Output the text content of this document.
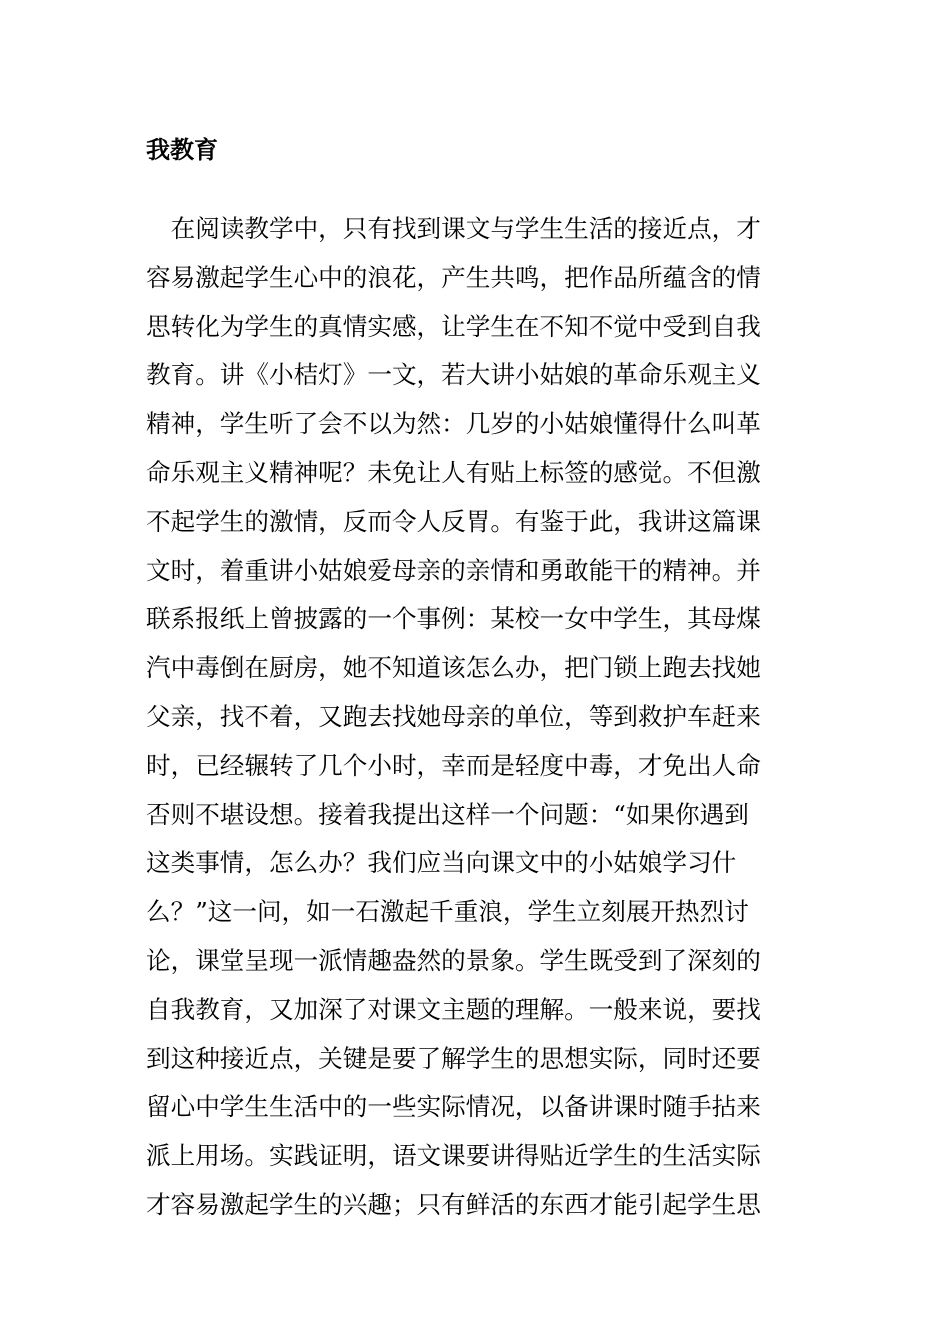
我教育
　在阅读教学中，只有找到课文与学生生活的接近点，才
容易激起学生心中的浪花，产生共鸣，把作品所蕴含的情
思转化为学生的真情实感，让学生在不知不觉中受到自我
教育。讲《小桔灯》一文，若大讲小姑娘的革命乐观主义
精神，学生听了会不以为然：几岁的小姑娘懂得什么叫革
命乐观主义精神呢？未免让人有贴上标签的感觉。不但激
不起学生的激情，反而令人反胃。有鉴于此，我讲这篇课
文时，着重讲小姑娘爱母亲的亲情和勇敢能干的精神。并
联系报纸上曾披露的一个事例：某校一女中学生，其母煤
汽中毒倒在厨房，她不知道该怎么办，把门锁上跑去找她
父亲，找不着，又跑去找她母亲的单位，等到救护车赶来
时，已经辗转了几个小时，幸而是轻度中毒，才免出人命
否则不堪设想。接着我提出这样一个问题：“如果你遇到
这类事情，怎么办？我们应当向课文中的小姑娘学习什
么？”这一问，如一石激起千重浪，学生立刻展开热烈讨
论，课堂呈现一派情趣盎然的景象。学生既受到了深刻的
自我教育，又加深了对课文主题的理解。一般来说，要找
到这种接近点，关键是要了解学生的思想实际，同时还要
留心中学生生活中的一些实际情况，以备讲课时随手拈来
派上用场。实践证明，语文课要讲得贴近学生的生活实际
才容易激起学生的兴趣；只有鲜活的东西才能引起学生思
